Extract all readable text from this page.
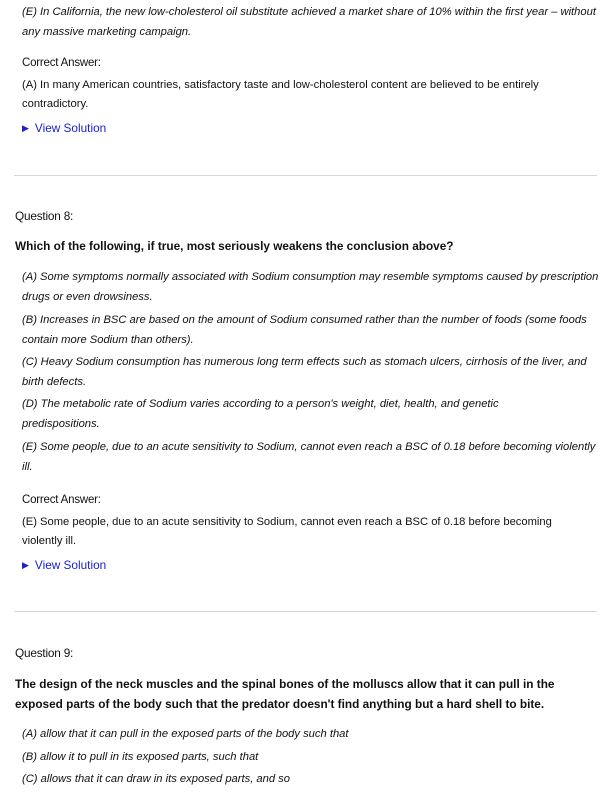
(E) In California, the new low-cholesterol oil substitute achieved a market share of 10% within the first year – without any massive marketing campaign.

Correct Answer:

(A) In many American countries, satisfactory taste and low-cholesterol content are believed to be entirely contradictory.

▶ View Solution
Question 8:
Which of the following, if true, most seriously weakens the conclusion above?

(A) Some symptoms normally associated with Sodium consumption may resemble symptoms caused by prescription drugs or even drowsiness.

(B) Increases in BSC are based on the amount of Sodium consumed rather than the number of foods (some foods contain more Sodium than others).

(C) Heavy Sodium consumption has numerous long term effects such as stomach ulcers, cirrhosis of the liver, and birth defects.

(D) The metabolic rate of Sodium varies according to a person's weight, diet, health, and genetic predispositions.

(E) Some people, due to an acute sensitivity to Sodium, cannot even reach a BSC of 0.18 before becoming violently ill.

Correct Answer:

(E) Some people, due to an acute sensitivity to Sodium, cannot even reach a BSC of 0.18 before becoming violently ill.

▶ View Solution
Question 9:
The design of the neck muscles and the spinal bones of the molluscs allow that it can pull in the exposed parts of the body such that the predator doesn't find anything but a hard shell to bite.

(A) allow that it can pull in the exposed parts of the body such that

(B) allow it to pull in its exposed parts, such that

(C) allows that it can draw in its exposed parts, and so
